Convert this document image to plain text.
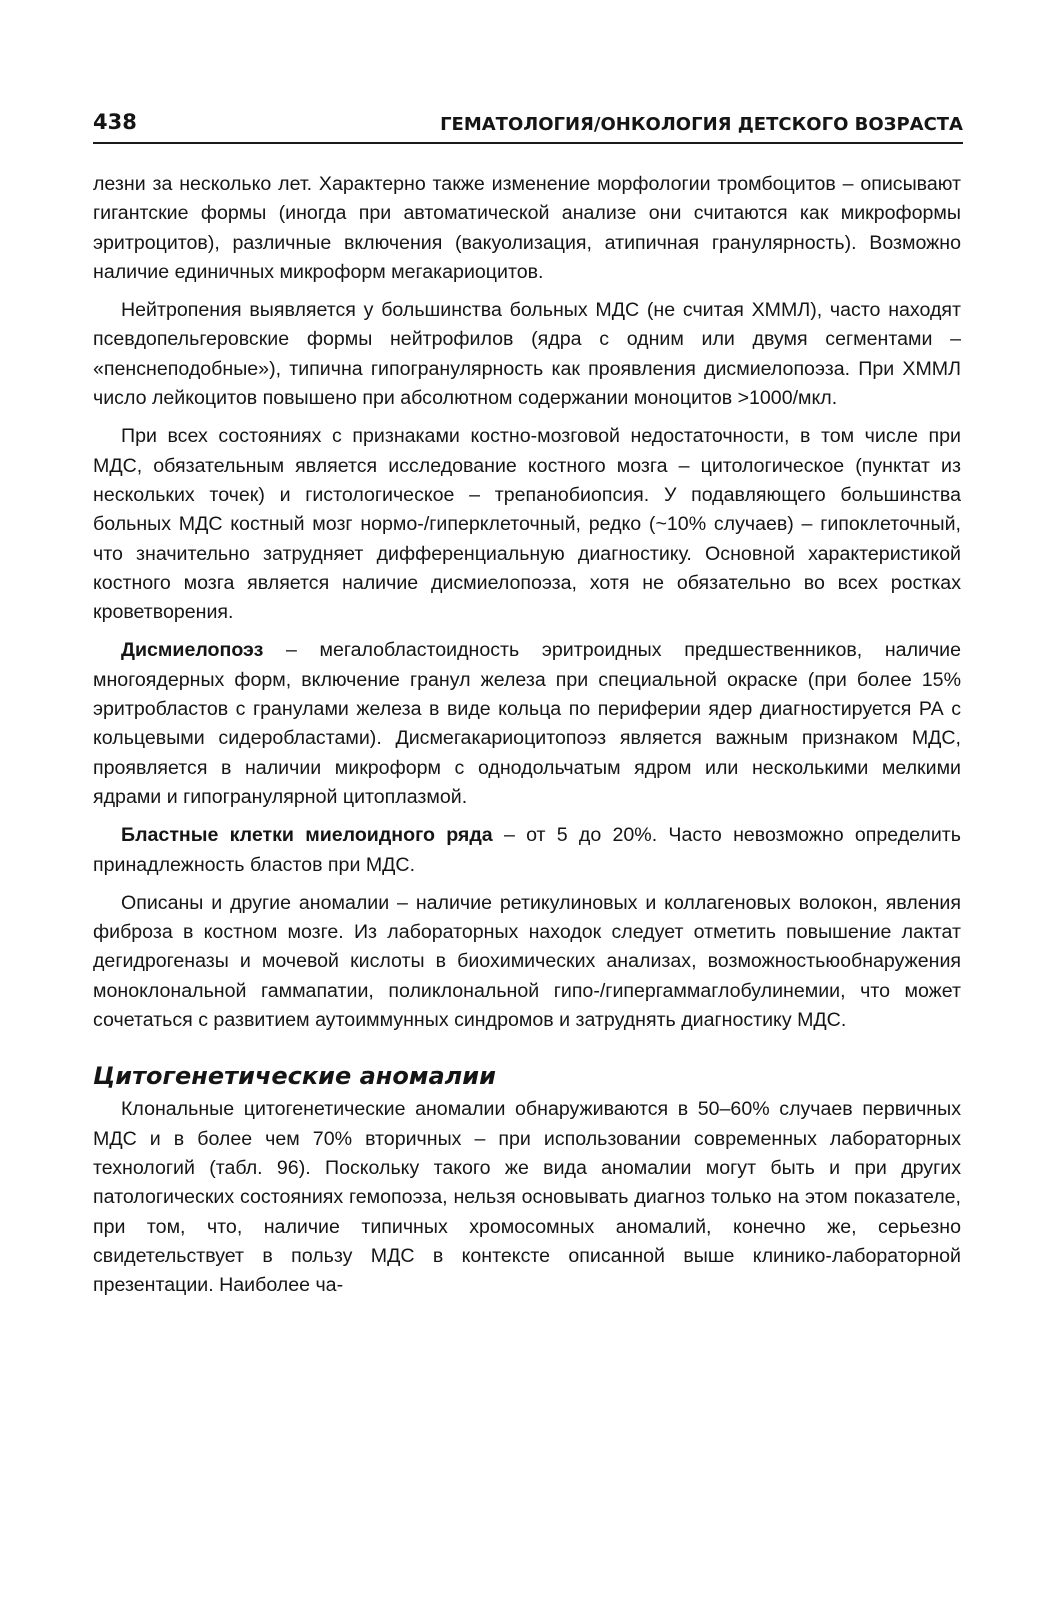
438	ГЕМАТОЛОГИЯ/ОНКОЛОГИЯ ДЕТСКОГО ВОЗРАСТА

лезни за несколько лет. Характерно также изменение морфологии тромбоцитов – описывают гигантские формы (иногда при автоматической анализе они считаются как микроформы эритроцитов), различные включения (вакуолизация, атипичная гранулярность). Возможно наличие единичных микроформ мегакариоцитов.

Нейтропения выявляется у большинства больных МДС (не считая ХММЛ), часто находят псевдопельгеровские формы нейтрофилов (ядра с одним или двумя сегментами – «пенснеподобные»), типична гипогранулярность как проявления дисмиелопоэза. При ХММЛ число лейкоцитов повышено при абсолютном содержании моноцитов >1000/мкл.

При всех состояниях с признаками костно-мозговой недостаточности, в том числе при МДС, обязательным является исследование костного мозга – цитологическое (пунктат из нескольких точек) и гистологическое – трепанобиопсия. У подавляющего большинства больных МДС костный мозг нормо-/гиперклеточный, редко (~10% случаев) – гипоклеточный, что значительно затрудняет дифференциальную диагностику. Основной характеристикой костного мозга является наличие дисмиелопоэза, хотя не обязательно во всех ростках кроветворения.

Дисмиелопоэз – мегалобластоидность эритроидных предшественников, наличие многоядерных форм, включение гранул железа при специальной окраске (при более 15% эритробластов с гранулами железа в виде кольца по периферии ядер диагностируется РА с кольцевыми сидеробластами). Дисмегакариоцитопоэз является важным признаком МДС, проявляется в наличии микроформ с однодольчатым ядром или несколькими мелкими ядрами и гипогранулярной цитоплазмой.

Бластные клетки миелоидного ряда – от 5 до 20%. Часто невозможно определить принадлежность бластов при МДС.

Описаны и другие аномалии – наличие ретикулиновых и коллагеновых волокон, явления фиброза в костном мозге. Из лабораторных находок следует отметить повышение лактат дегидрогеназы и мочевой кислоты в биохимических анализах, возможностьюобнаружения моноклональной гаммапатии, поликлональной гипо-/гипергаммаглобулинемии, что может сочетаться с развитием аутоиммунных синдромов и затруднять диагностику МДС.

Цитогенетические аномалии

Клональные цитогенетические аномалии обнаруживаются в 50–60% случаев первичных МДС и в более чем 70% вторичных – при использовании современных лабораторных технологий (табл. 96). Поскольку такого же вида аномалии могут быть и при других патологических состояниях гемопоэза, нельзя основывать диагноз только на этом показателе, при том, что, наличие типичных хромосомных аномалий, конечно же, серьезно свидетельствует в пользу МДС в контексте описанной выше клинико-лабораторной презентации. Наиболее ча-
